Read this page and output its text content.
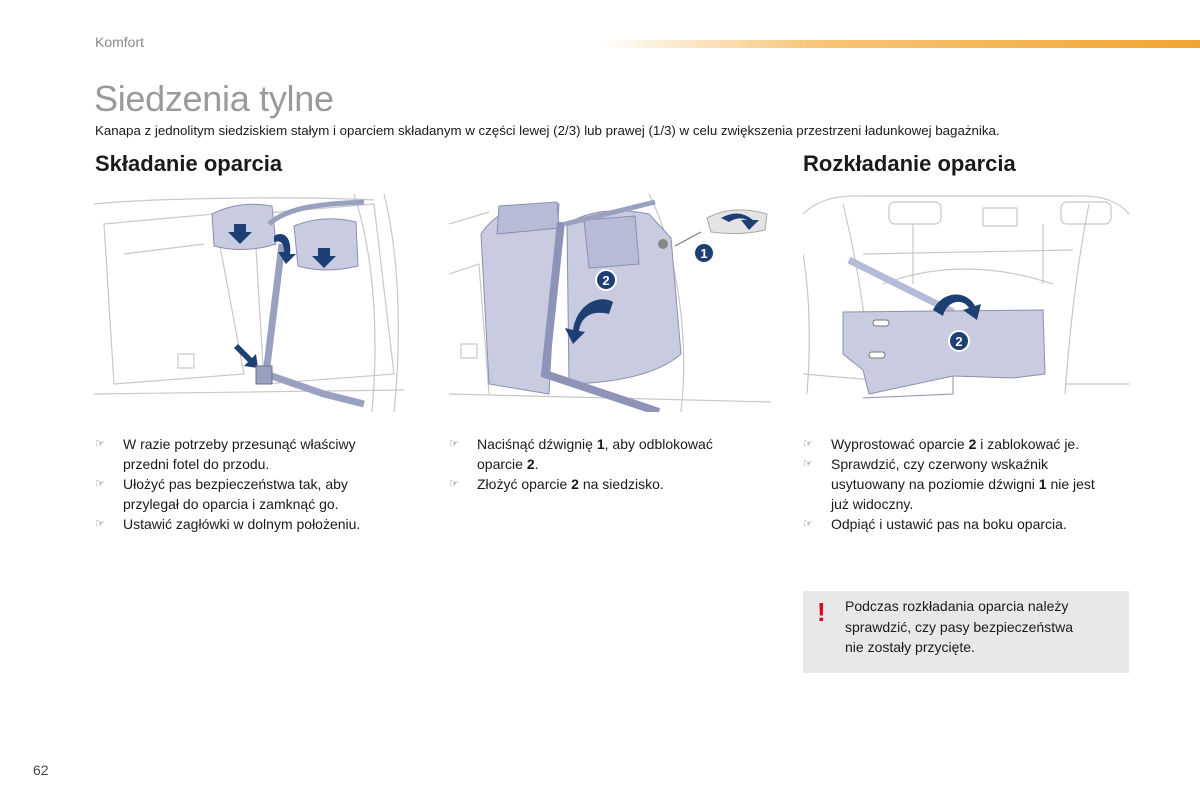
Komfort
Siedzenia tylne
Kanapa z jednolitym siedziskiem stałym i oparciem składanym w części lewej (2/3) lub prawej (1/3) w celu zwiększenia przestrzeni ładunkowej bagażnika.
Składanie oparcia	Rozkładanie oparcia
1
2
2
☞ W razie potrzeby przesunąć właściwy
przedni fotel do przodu.
☞ Ułożyć pas bezpieczeństwa tak, aby
przylegał do oparcia i zamknąć go.
☞ Ustawić zagłówki w dolnym położeniu.
☞ Naciśnąć dźwignię 1, aby odblokować
oparcie 2.
☞ Złożyć oparcie 2 na siedzisko.
☞ Wyprostować oparcie 2 i zablokować je.
☞ Sprawdzić, czy czerwony wskaźnik
usytuowany na poziomie dźwigni 1 nie jest
już widoczny.
☞ Odpiąć i ustawić pas na boku oparcia.
! Podczas rozkładania oparcia należy
sprawdzić, czy pasy bezpieczeństwa
nie zostały przycięte.
62
